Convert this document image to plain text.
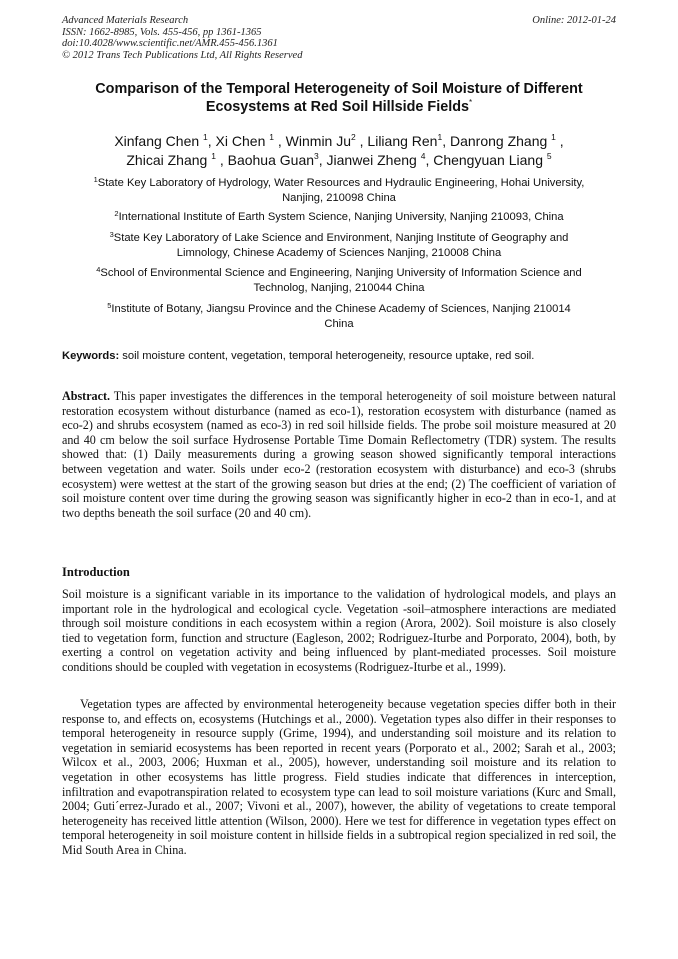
Advanced Materials Research	Online: 2012-01-24
ISSN: 1662-8985, Vols. 455-456, pp 1361-1365
doi:10.4028/www.scientific.net/AMR.455-456.1361
© 2012 Trans Tech Publications Ltd, All Rights Reserved
Comparison of the Temporal Heterogeneity of Soil Moisture of Different
Ecosystems at Red Soil Hillside Fields*
Xinfang Chen $^1$, Xi Chen $^1$ , Winmin Ju$^2$ , Liliang Ren$^1$, Danrong Zhang $^1$ ,
Zhicai Zhang $^1$ , Baohua Guan$^3$, Jianwei Zheng $^4$, Chengyuan Liang $^5$
$^1$State Key Laboratory of Hydrology, Water Resources and Hydraulic Engineering, Hohai University,
Nanjing, 210098 China
$^2$International Institute of Earth System Science, Nanjing University, Nanjing 210093, China
$^3$State Key Laboratory of Lake Science and Environment, Nanjing Institute of Geography and
Limnology, Chinese Academy of Sciences Nanjing, 210008 China
$^4$School of Environmental Science and Engineering, Nanjing University of Information Science and
Technolog, Nanjing, 210044 China
$^5$Institute of Botany, Jiangsu Province and the Chinese Academy of Sciences, Nanjing 210014
China
Keywords: soil moisture content, vegetation, temporal heterogeneity, resource uptake, red soil.
Abstract. This paper investigates the differences in the temporal heterogeneity of soil moisture between natural restoration ecosystem without disturbance (named as eco-1), restoration ecosystem with disturbance (named as eco-2) and shrubs ecosystem (named as eco-3) in red soil hillside fields. The probe soil moisture measured at 20 and 40 cm below the soil surface Hydrosense Portable Time Domain Reflectometry (TDR) system. The results showed that: (1) Daily measurements during a growing season showed significantly temporal interactions between vegetation and water. Soils under eco-2 (restoration ecosystem with disturbance) and eco-3 (shrubs ecosystem) were wettest at the start of the growing season but dries at the end; (2) The coefficient of variation of soil moisture content over time during the growing season was significantly higher in eco-2 than in eco-1, and at two depths beneath the soil surface (20 and 40 cm).
Introduction
Soil moisture is a significant variable in its importance to the validation of hydrological models, and plays an important role in the hydrological and ecological cycle. Vegetation -soil–atmosphere interactions are mediated through soil moisture conditions in each ecosystem within a region (Arora, 2002). Soil moisture is also closely tied to vegetation form, function and structure (Eagleson, 2002; Rodriguez-Iturbe and Porporato, 2004), both, by exerting a control on vegetation activity and being influenced by plant-mediated processes. Soil moisture conditions should be coupled with vegetation in ecosystems (Rodriguez-Iturbe et al., 1999).
Vegetation types are affected by environmental heterogeneity because vegetation species differ both in their response to, and effects on, ecosystems (Hutchings et al., 2000). Vegetation types also differ in their responses to temporal heterogeneity in resource supply (Grime, 1994), and understanding soil moisture and its relation to vegetation in semiarid ecosystems has been reported in recent years (Porporato et al., 2002; Sarah et al., 2003; Wilcox et al., 2003, 2006; Huxman et al., 2005), however, understanding soil moisture and its relation to vegetation in other ecosystems has little progress. Field studies indicate that differences in interception, infiltration and evapotranspiration related to ecosystem type can lead to soil moisture variations (Kurc and Small, 2004; Guti´errez-Jurado et al., 2007; Vivoni et al., 2007), however, the ability of vegetations to create temporal heterogeneity has received little attention (Wilson, 2000). Here we test for difference in vegetation types effect on temporal heterogeneity in soil moisture content in hillside fields in a subtropical region specialized in red soil, the Mid South Area in China.
